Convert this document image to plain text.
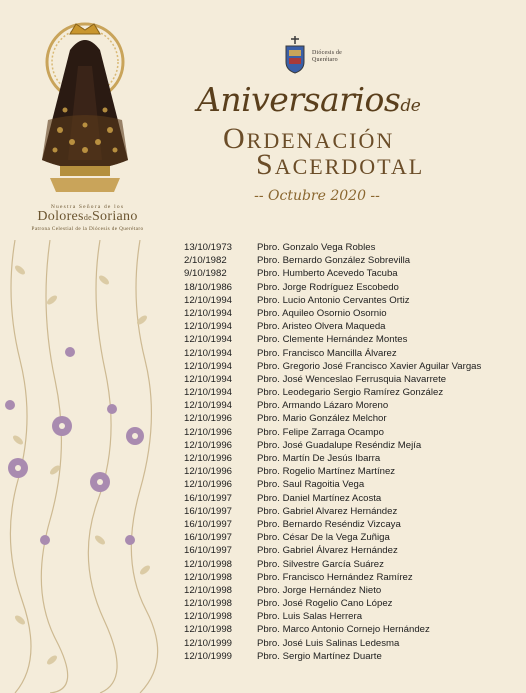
Nuestra Señora de los
DoloresdeSoriano
Patrona Celestial de la Diócesis de Querétaro
Diócesis de
Querétaro
Aniversariosde
ORDENACIÓN
SACERDOTAL
-- Octubre 2020 --
13/10/1973	Pbro. Gonzalo Vega Robles
2/10/1982	Pbro. Bernardo González Sobrevilla
9/10/1982	Pbro. Humberto Acevedo Tacuba
18/10/1986	Pbro. Jorge Rodríguez Escobedo
12/10/1994	Pbro. Lucio Antonio Cervantes Ortiz
12/10/1994	Pbro. Aquileo Osornio Osornio
12/10/1994	Pbro. Aristeo Olvera Maqueda
12/10/1994	Pbro. Clemente Hernández Montes
12/10/1994	Pbro. Francisco Mancilla Álvarez
12/10/1994	Pbro. Gregorio José Francisco Xavier Aguilar Vargas
12/10/1994	Pbro. José Wenceslao Ferrusquia Navarrete
12/10/1994	Pbro. Leodegario Sergio Ramírez González
12/10/1994	Pbro. Armando Lázaro Moreno
12/10/1996	Pbro. Mario González Melchor
12/10/1996	Pbro. Felipe Zarraga Ocampo
12/10/1996	Pbro. José Guadalupe Reséndiz Mejía
12/10/1996	Pbro. Martín De Jesús Ibarra
12/10/1996	Pbro. Rogelio Martínez Martínez
12/10/1996	Pbro. Saul Ragoitia Vega
16/10/1997	Pbro. Daniel Martínez Acosta
16/10/1997	Pbro. Gabriel Alvarez Hernández
16/10/1997	Pbro. Bernardo Reséndiz Vizcaya
16/10/1997	Pbro. César De la Vega Zuñiga
16/10/1997	Pbro. Gabriel Álvarez Hernández
12/10/1998	Pbro. Silvestre García Suárez
12/10/1998	Pbro. Francisco Hernández Ramírez
12/10/1998	Pbro. Jorge Hernández Nieto
12/10/1998	Pbro. José Rogelio Cano López
12/10/1998	Pbro. Luis Salas Herrera
12/10/1998	Pbro. Marco Antonio Cornejo Hernández
12/10/1999	Pbro. José Luis Salinas Ledesma
12/10/1999	Pbro. Sergio Martínez Duarte
